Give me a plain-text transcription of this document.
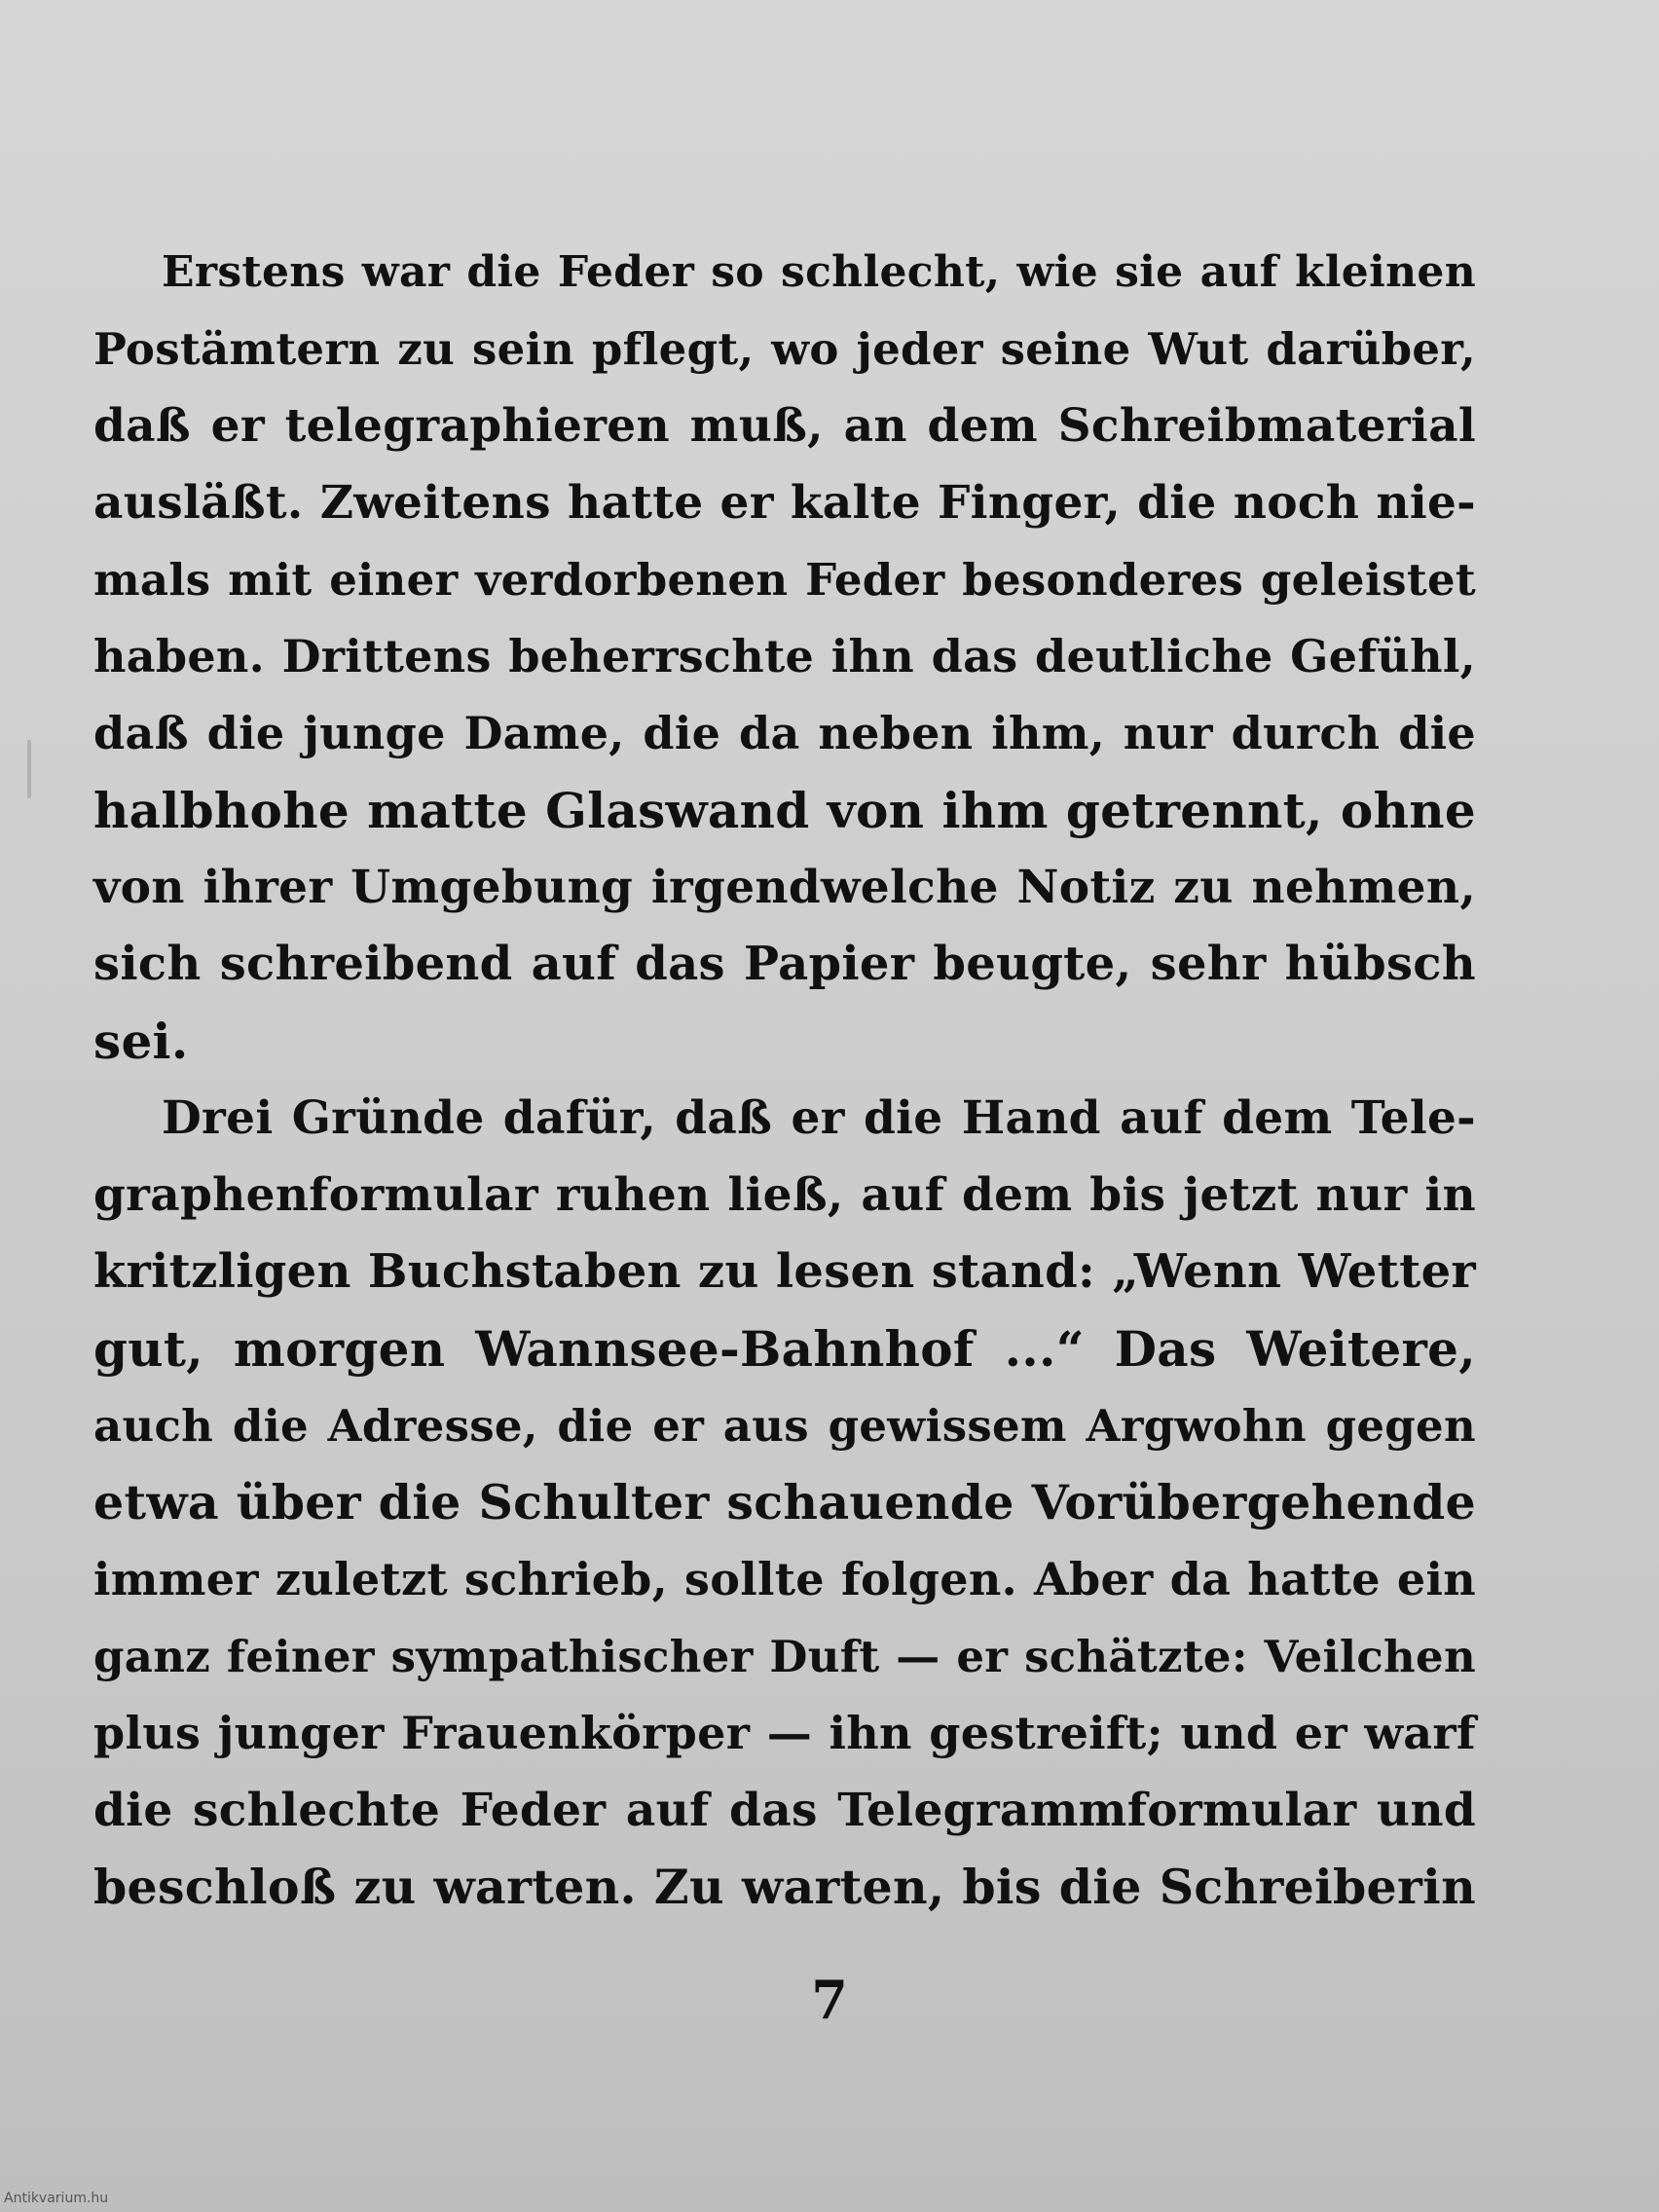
Erstens war die Feder so schlecht, wie sie auf kleinen
Postämtern zu sein pflegt, wo jeder seine Wut darüber,
daß er telegraphieren muß, an dem Schreibmaterial
ausläßt. Zweitens hatte er kalte Finger, die noch nie-
mals mit einer verdorbenen Feder besonderes geleistet
haben. Drittens beherrschte ihn das deutliche Gefühl,
daß die junge Dame, die da neben ihm, nur durch die
halbhohe matte Glaswand von ihm getrennt, ohne
von ihrer Umgebung irgendwelche Notiz zu nehmen,
sich schreibend auf das Papier beugte, sehr hübsch
sei.
Drei Gründe dafür, daß er die Hand auf dem Tele-
graphenformular ruhen ließ, auf dem bis jetzt nur in
kritzligen Buchstaben zu lesen stand: „Wenn Wetter
gut, morgen Wannsee-Bahnhof ...“ Das Weitere,
auch die Adresse, die er aus gewissem Argwohn gegen
etwa über die Schulter schauende Vorübergehende
immer zuletzt schrieb, sollte folgen. Aber da hatte ein
ganz feiner sympathischer Duft — er schätzte: Veilchen
plus junger Frauenkörper — ihn gestreift; und er warf
die schlechte Feder auf das Telegrammformular und
beschloß zu warten. Zu warten, bis die Schreiberin
7
Antikvarium.hu
